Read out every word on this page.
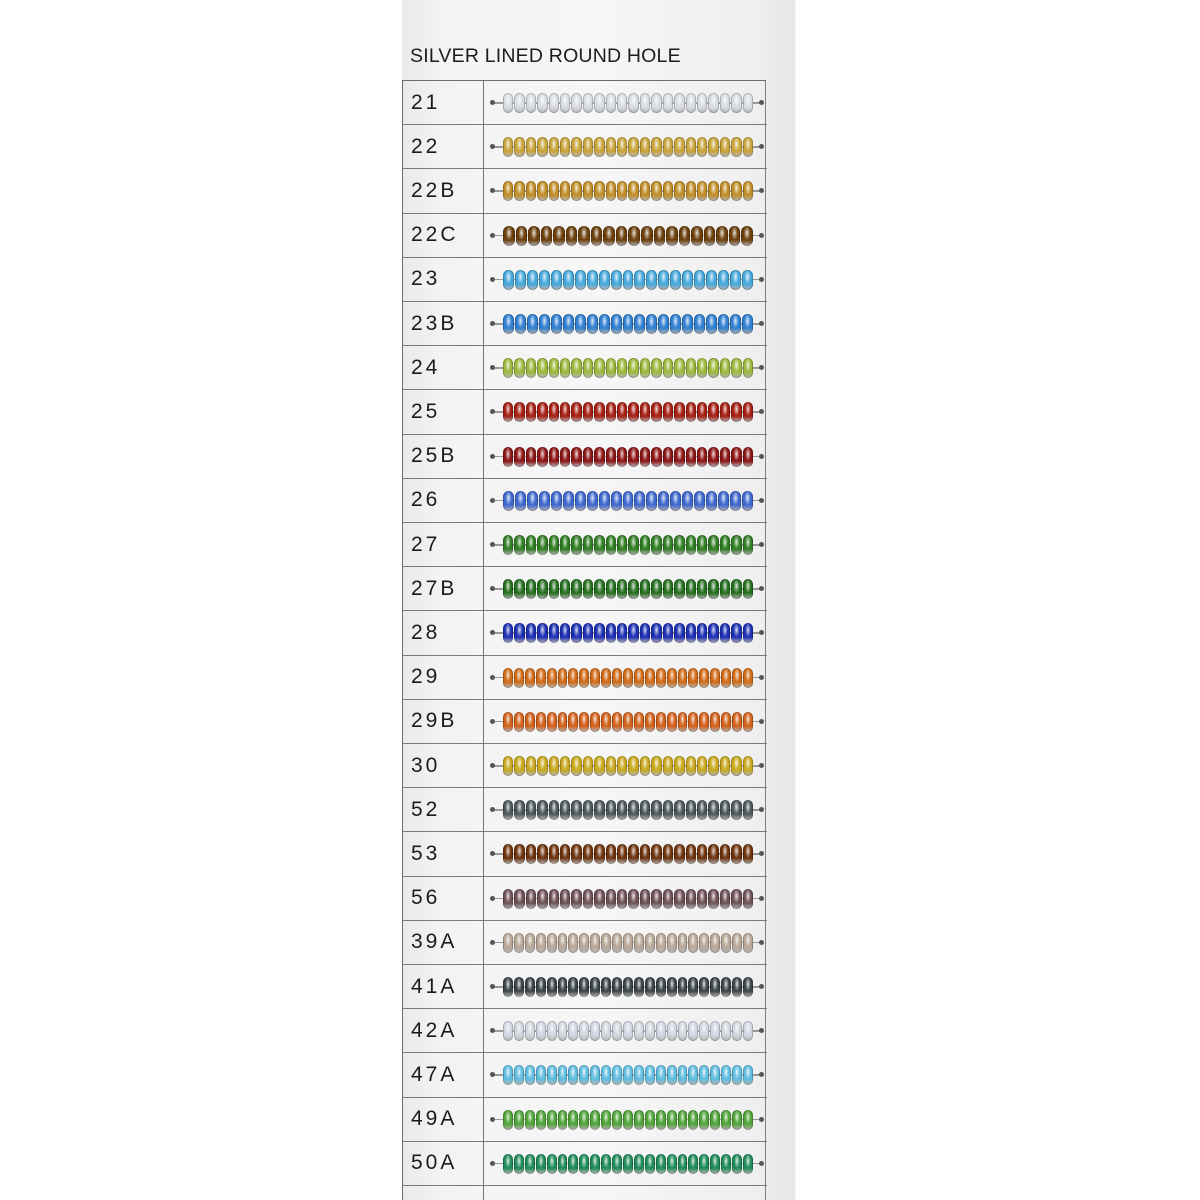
SILVER LINED ROUND HOLE
21
22
22B
22C
23
23B
24
25
25B
26
27
27B
28
29
29B
30
52
53
56
39A
41A
42A
47A
49A
50A
